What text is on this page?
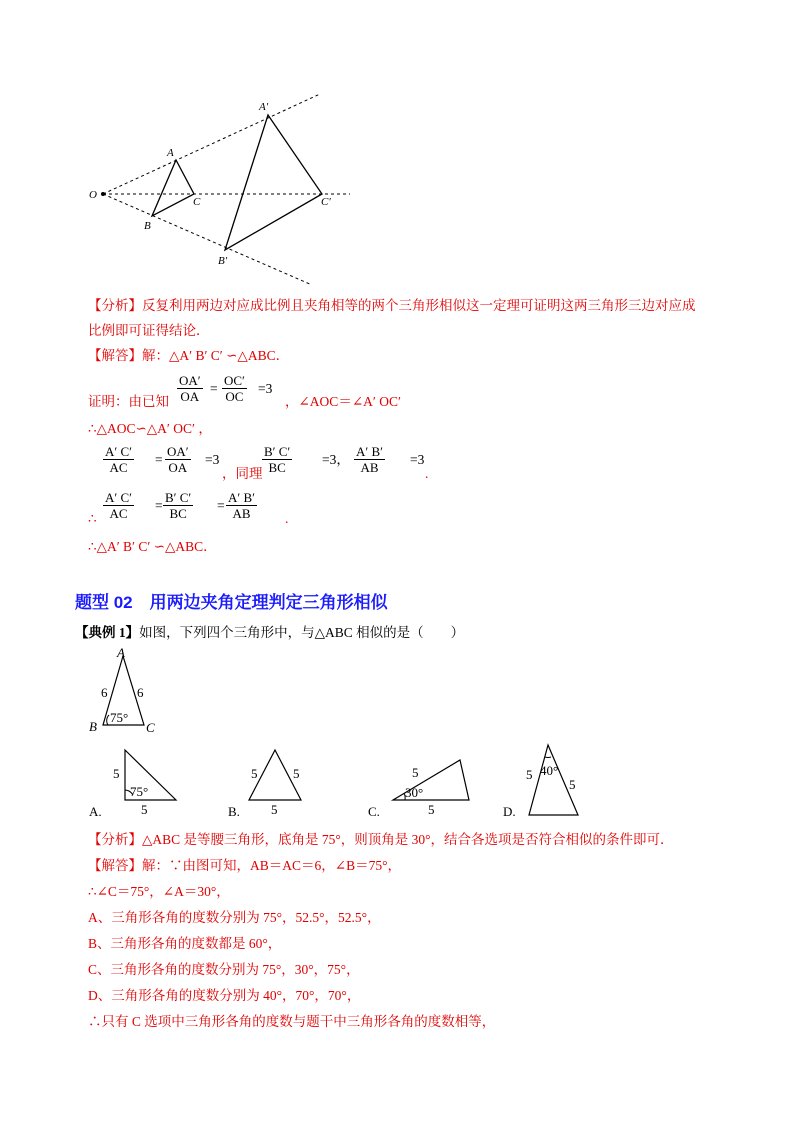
O
A
B
C
A′
B′
C′
【分析】反复利用两边对应成比例且夹角相等的两个三角形相似这一定理可证明这两三角形三边对应成
比例即可证得结论．
【解答】解：△A′ B′ C′ ∽△ABC．
证明：由已知 $\frac{OA'}{OA} = \frac{OC'}{OC} =3$
，∠AOC＝∠A′ OC′
∴△AOC∽△A′ OC′ ，
$\frac{A' C'}{AC} = \frac{OA'}{OA} =3$
，同理 $\frac{B' C'}{BC} =3$， $\frac{A' B'}{AB} =3$
.
∴ $\frac{A' C'}{AC} = \frac{B' C'}{BC} = \frac{A' B'}{AB}$ .
∴△A′ B′ C′ ∽△ABC．
题型 02　用两边夹角定理判定三角形相似
【典例 1】如图，下列四个三角形中，与△ABC 相似的是（　　）
A
B	C
6 6
75°
5
5
75°
A.
5	5
5
B.
5
5
30°
C.
5
5
40°
D.
【分析】△ABC 是等腰三角形，底角是 75°，则顶角是 30°，结合各选项是否符合相似的条件即可．
【解答】解：∵由图可知，AB＝AC＝6，∠B＝75°，
∴∠C＝75°，∠A＝30°，
A、三角形各角的度数分别为 75°，52.5°，52.5°，
B、三角形各角的度数都是 60°，
C、三角形各角的度数分别为 75°，30°，75°，
D、三角形各角的度数分别为 40°，70°，70°，
∴只有 C 选项中三角形各角的度数与题干中三角形各角的度数相等，
